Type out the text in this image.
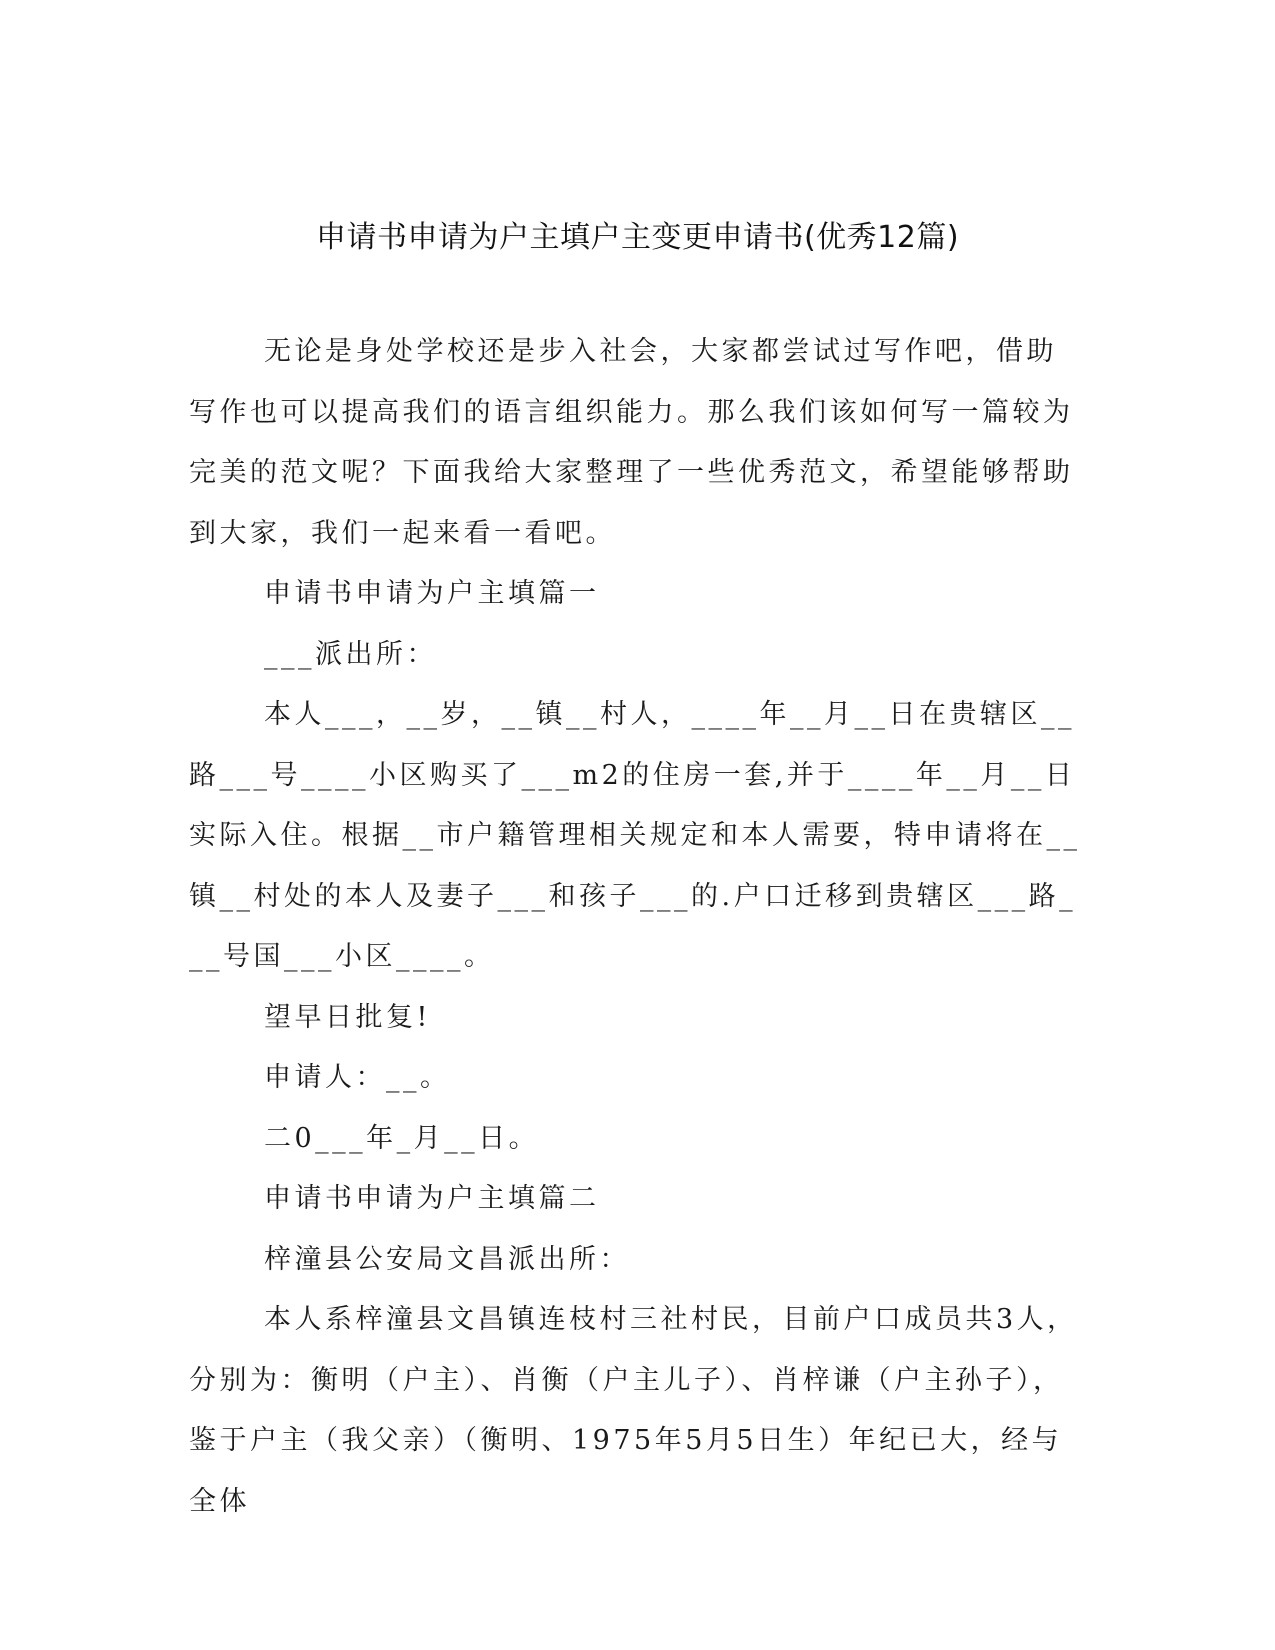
申请书申请为户主填户主变更申请书(优秀12篇)

无论是身处学校还是步入社会，大家都尝试过写作吧，借助写作也可以提高我们的语言组织能力。那么我们该如何写一篇较为完美的范文呢？下面我给大家整理了一些优秀范文，希望能够帮助到大家，我们一起来看一看吧。

申请书申请为户主填篇一

___派出所：

本人___，__岁，__镇__村人，____年__月__日在贵辖区__路___号____小区购买了___m2的住房一套,并于____年__月__日实际入住。根据__市户籍管理相关规定和本人需要，特申请将在__镇__村处的本人及妻子___和孩子___的.户口迁移到贵辖区___路___号国___小区____。

望早日批复!

申请人：__。

二0___年_月__日。

申请书申请为户主填篇二

梓潼县公安局文昌派出所：

本人系梓潼县文昌镇连枝村三社村民，目前户口成员共3人，分别为：衡明（户主）、肖衡（户主儿子）、肖梓谦（户主孙子），鉴于户主（我父亲）（衡明、1975年5月5日生）年纪已大，经与全体
